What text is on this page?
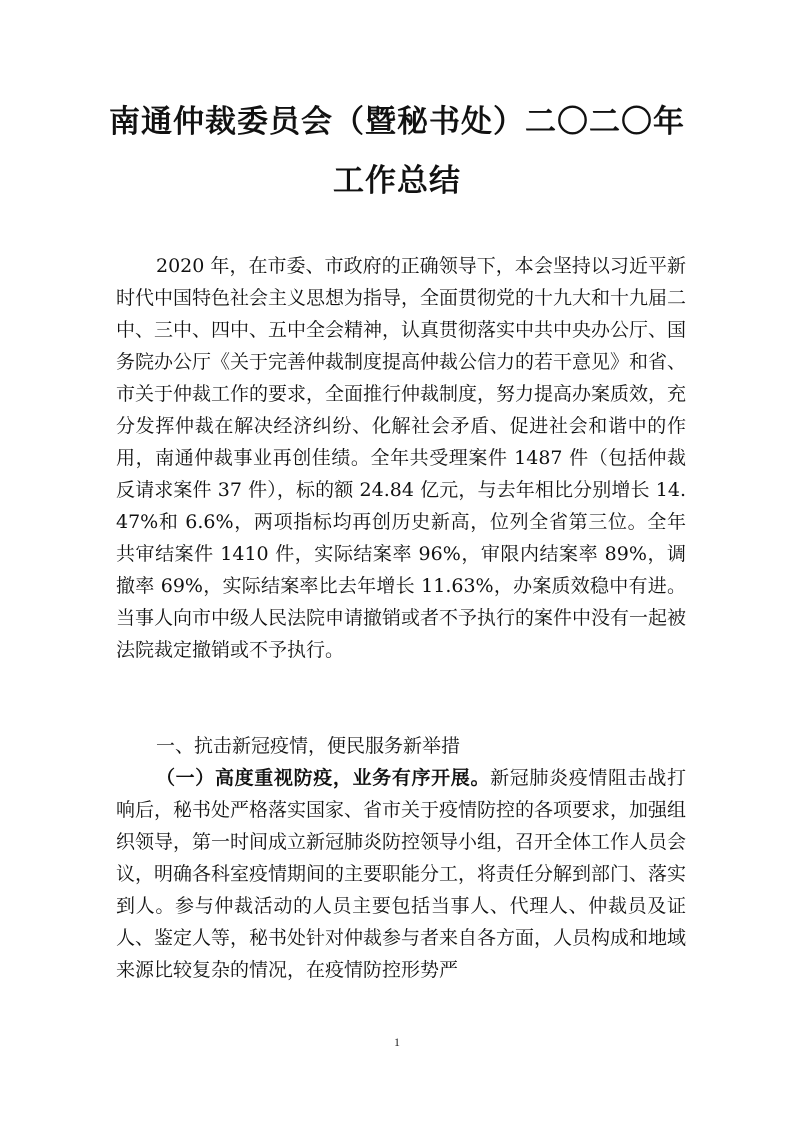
南通仲裁委员会（暨秘书处）二〇二〇年
工作总结
2020 年，在市委、市政府的正确领导下，本会坚持以习近平新时代中国特色社会主义思想为指导，全面贯彻党的十九大和十九届二中、三中、四中、五中全会精神，认真贯彻落实中共中央办公厅、国务院办公厅《关于完善仲裁制度提高仲裁公信力的若干意见》和省、市关于仲裁工作的要求，全面推行仲裁制度，努力提高办案质效，充分发挥仲裁在解决经济纠纷、化解社会矛盾、促进社会和谐中的作用，南通仲裁事业再创佳绩。全年共受理案件 1487 件（包括仲裁反请求案件 37 件），标的额 24.84 亿元，与去年相比分别增长 14.47%和 6.6%，两项指标均再创历史新高，位列全省第三位。全年共审结案件 1410 件，实际结案率 96%，审限内结案率 89%，调撤率 69%，实际结案率比去年增长 11.63%，办案质效稳中有进。当事人向市中级人民法院申请撤销或者不予执行的案件中没有一起被法院裁定撤销或不予执行。
一、抗击新冠疫情，便民服务新举措
（一）高度重视防疫，业务有序开展。新冠肺炎疫情阻击战打响后，秘书处严格落实国家、省市关于疫情防控的各项要求，加强组织领导，第一时间成立新冠肺炎防控领导小组，召开全体工作人员会议，明确各科室疫情期间的主要职能分工，将责任分解到部门、落实到人。参与仲裁活动的人员主要包括当事人、代理人、仲裁员及证人、鉴定人等，秘书处针对仲裁参与者来自各方面，人员构成和地域来源比较复杂的情况，在疫情防控形势严
1
